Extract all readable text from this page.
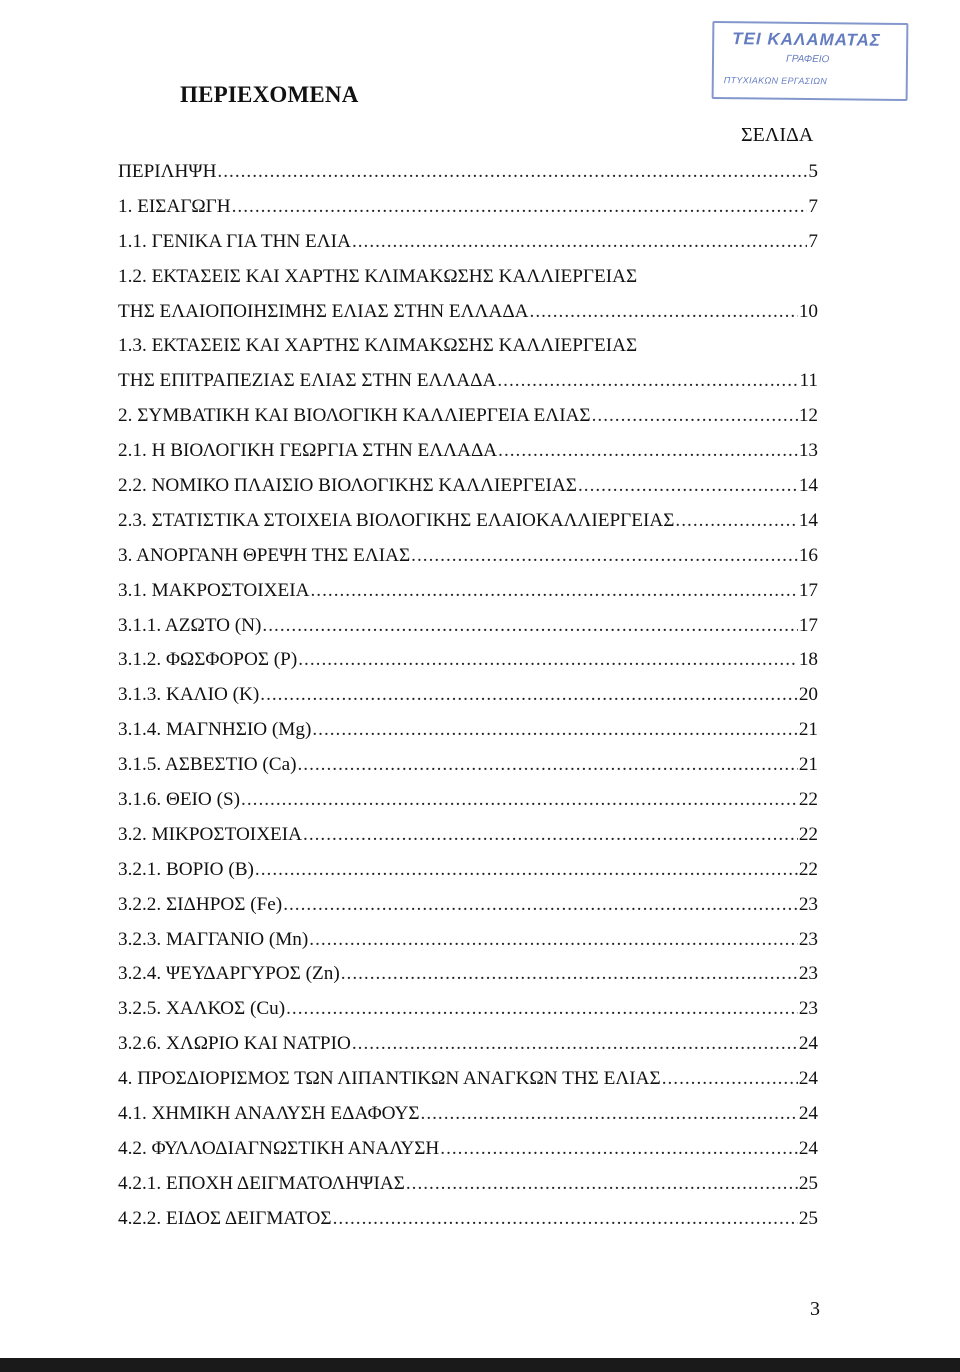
ΤΕΙ ΚΑΛΑΜΑΤΑΣ
ΓΡΑΦΕΙΟ
ΠΤΥΧΙΑΚΩΝ ΕΡΓΑΣΙΩΝ
ΠΕΡΙΕΧΟΜΕΝΑ
ΣΕΛΙΔΑ
ΠΕΡΙΛΗΨΗ .....	5
1. ΕΙΣΑΓΩΓΗ .....	7
1.1. ΓΕΝΙΚΑ ΓΙΑ ΤΗΝ ΕΛΙΑ .....	7
1.2. ΕΚΤΑΣΕΙΣ ΚΑΙ ΧΑΡΤΗΣ ΚΛΙΜΑΚΩΣΗΣ ΚΑΛΛΙΕΡΓΕΙΑΣ
ΤΗΣ ΕΛΑΙΟΠΟΙΗΣΙΜΗΣ ΕΛΙΑΣ ΣΤΗΝ ΕΛΛΑΔΑ .....	10
1.3. ΕΚΤΑΣΕΙΣ ΚΑΙ ΧΑΡΤΗΣ ΚΛΙΜΑΚΩΣΗΣ ΚΑΛΛΙΕΡΓΕΙΑΣ
ΤΗΣ ΕΠΙΤΡΑΠΕΖΙΑΣ ΕΛΙΑΣ ΣΤΗΝ ΕΛΛΑΔΑ .....	11
2. ΣΥΜΒΑΤΙΚΗ ΚΑΙ ΒΙΟΛΟΓΙΚΗ ΚΑΛΛΙΕΡΓΕΙΑ ΕΛΙΑΣ .....	12
2.1. Η ΒΙΟΛΟΓΙΚΗ ΓΕΩΡΓΙΑ ΣΤΗΝ ΕΛΛΑΔΑ .....	13
2.2. ΝΟΜΙΚΟ ΠΛΑΙΣΙΟ ΒΙΟΛΟΓΙΚΗΣ ΚΑΛΛΙΕΡΓΕΙΑΣ .....	14
2.3. ΣΤΑΤΙΣΤΙΚΑ ΣΤΟΙΧΕΙΑ ΒΙΟΛΟΓΙΚΗΣ ΕΛΑΙΟΚΑΛΛΙΕΡΓΕΙΑΣ .....	14
3. ΑΝΟΡΓΑΝΗ ΘΡΕΨΗ ΤΗΣ ΕΛΙΑΣ .....	16
3.1. ΜΑΚΡΟΣΤΟΙΧΕΙΑ .....	17
3.1.1. ΑΖΩΤΟ (Ν) .....	17
3.1.2. ΦΩΣΦΟΡΟΣ (Ρ) .....	18
3.1.3. ΚΑΛΙΟ (Κ) .....	20
3.1.4. ΜΑΓΝΗΣΙΟ (Mg) .....	21
3.1.5. ΑΣΒΕΣΤΙΟ (Ca) .....	21
3.1.6. ΘΕΙΟ (S) .....	22
3.2. ΜΙΚΡΟΣΤΟΙΧΕΙΑ .....	22
3.2.1. ΒΟΡΙΟ (Β) .....	22
3.2.2. ΣΙΔΗΡΟΣ (Fe) .....	23
3.2.3. ΜΑΓΓΑΝΙΟ (Mn) .....	23
3.2.4. ΨΕΥΔΑΡΓΥΡΟΣ (Zn) .....	23
3.2.5. ΧΑΛΚΟΣ (Cu) .....	23
3.2.6. ΧΛΩΡΙΟ ΚΑΙ ΝΑΤΡΙΟ .....	24
4. ΠΡΟΣΔΙΟΡΙΣΜΟΣ ΤΩΝ ΛΙΠΑΝΤΙΚΩΝ ΑΝΑΓΚΩΝ ΤΗΣ ΕΛΙΑΣ .....	24
4.1. ΧΗΜΙΚΗ ΑΝΑΛΥΣΗ ΕΔΑΦΟΥΣ .....	24
4.2. ΦΥΛΛΟΔΙΑΓΝΩΣΤΙΚΗ ΑΝΑΛΥΣΗ .....	24
4.2.1. ΕΠΟΧΗ ΔΕΙΓΜΑΤΟΛΗΨΙΑΣ .....	25
4.2.2. ΕΙΔΟΣ ΔΕΙΓΜΑΤΟΣ .....	25
3
